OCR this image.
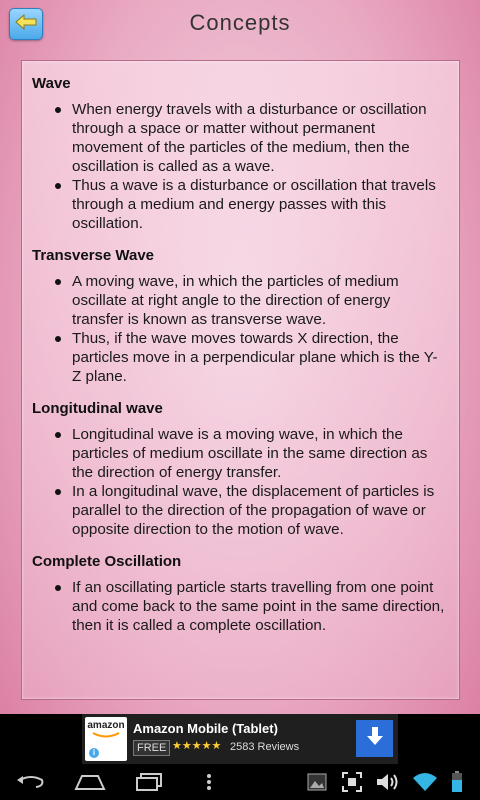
Concepts
Wave
When energy travels with a disturbance or oscillation through a space or matter without permanent movement of the particles of the medium, then the oscillation is called as a wave.
Thus a wave is a disturbance or oscillation that travels through a medium and energy passes with this oscillation.
Transverse Wave
A moving wave, in which the particles of medium oscillate at right angle to the direction of energy transfer is known as transverse wave.
Thus, if the wave moves towards X direction, the particles move in a perpendicular plane which is the Y-Z plane.
Longitudinal wave
Longitudinal wave is a moving wave, in which the particles of medium oscillate in the same direction as the direction of energy transfer.
In a longitudinal wave, the displacement of particles is parallel to the direction of the propagation of wave or opposite direction to the motion of wave.
Complete Oscillation
If an oscillating particle starts travelling from one point and come back to the same point in the same direction, then it is called a complete oscillation.
amazon
i
Amazon Mobile (Tablet)
FREE ★★★★★ 2583 Reviews
